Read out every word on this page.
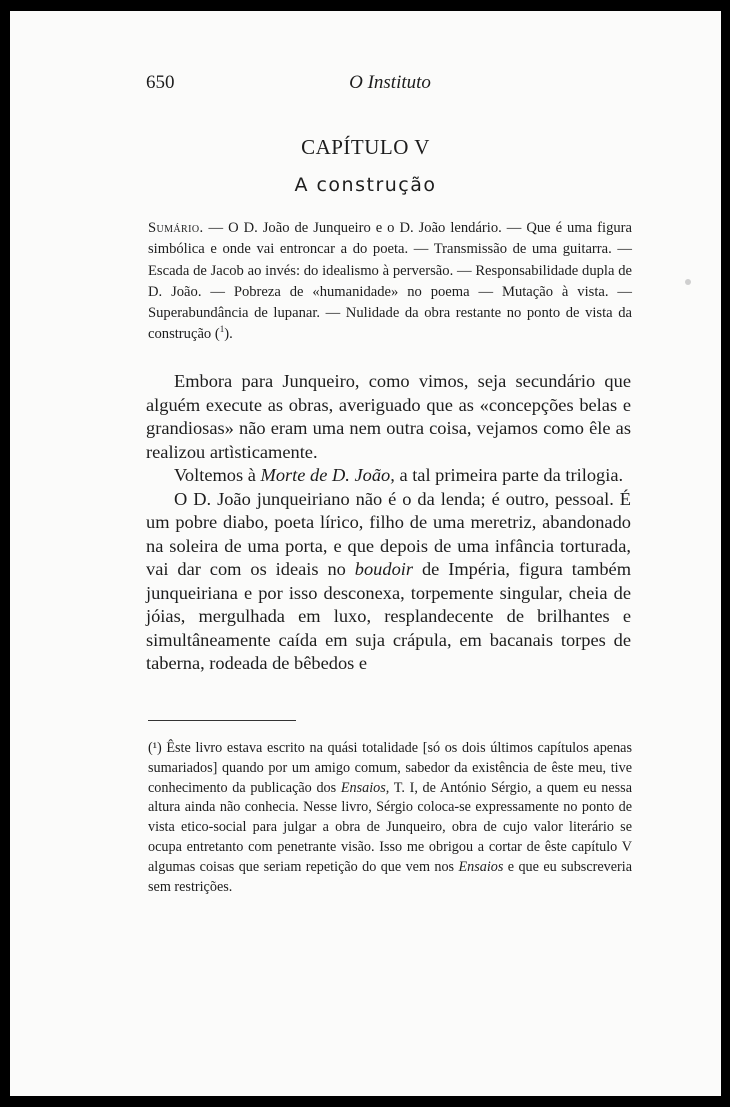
650	O Instituto
CAPÍTULO V
A construção
Sumário. — O D. João de Junqueiro e o D. João lendário. — Que é uma figura simbólica e onde vai entroncar a do poeta. — Transmissão de uma guitarra. — Escada de Jacob ao invés: do idealismo à perversão. — Responsabilidade dupla de D. João. — Pobreza de «humanidade» no poema — Mutação à vista. — Superabundância de lupanar. — Nulidade da obra restante no ponto de vista da construção ($^1$).

Embora para Junqueiro, como vimos, seja secundário que alguém execute as obras, averiguado que as «concepções belas e grandiosas» não eram uma nem outra coisa, vejamos como êle as realizou artìsticamente.

Voltemos à Morte de D. João, a tal primeira parte da trilogia.

O D. João junqueiriano não é o da lenda; é outro, pessoal. É um pobre diabo, poeta lírico, filho de uma meretriz, abandonado na soleira de uma porta, e que depois de uma infância torturada, vai dar com os ideais no boudoir de Impéria, figura também junqueiriana e por isso desconexa, torpemente singular, cheia de jóias, mergulhada em luxo, resplandecente de brilhantes e simultâneamente caída em suja crápula, em bacanais torpes de taberna, rodeada de bêbedos e

(¹) Êste livro estava escrito na quási totalidade [só os dois últimos capítulos apenas sumariados] quando por um amigo comum, sabedor da existência de êste meu, tive conhecimento da publicação dos Ensaios, T. I, de António Sérgio, a quem eu nessa altura ainda não conhecia. Nesse livro, Sérgio coloca-se expressamente no ponto de vista etico-social para julgar a obra de Junqueiro, obra de cujo valor literário se ocupa entretanto com penetrante visão. Isso me obrigou a cortar de êste capítulo V algumas coisas que seriam repetição do que vem nos Ensaios e que eu subscreveria sem restrições.
